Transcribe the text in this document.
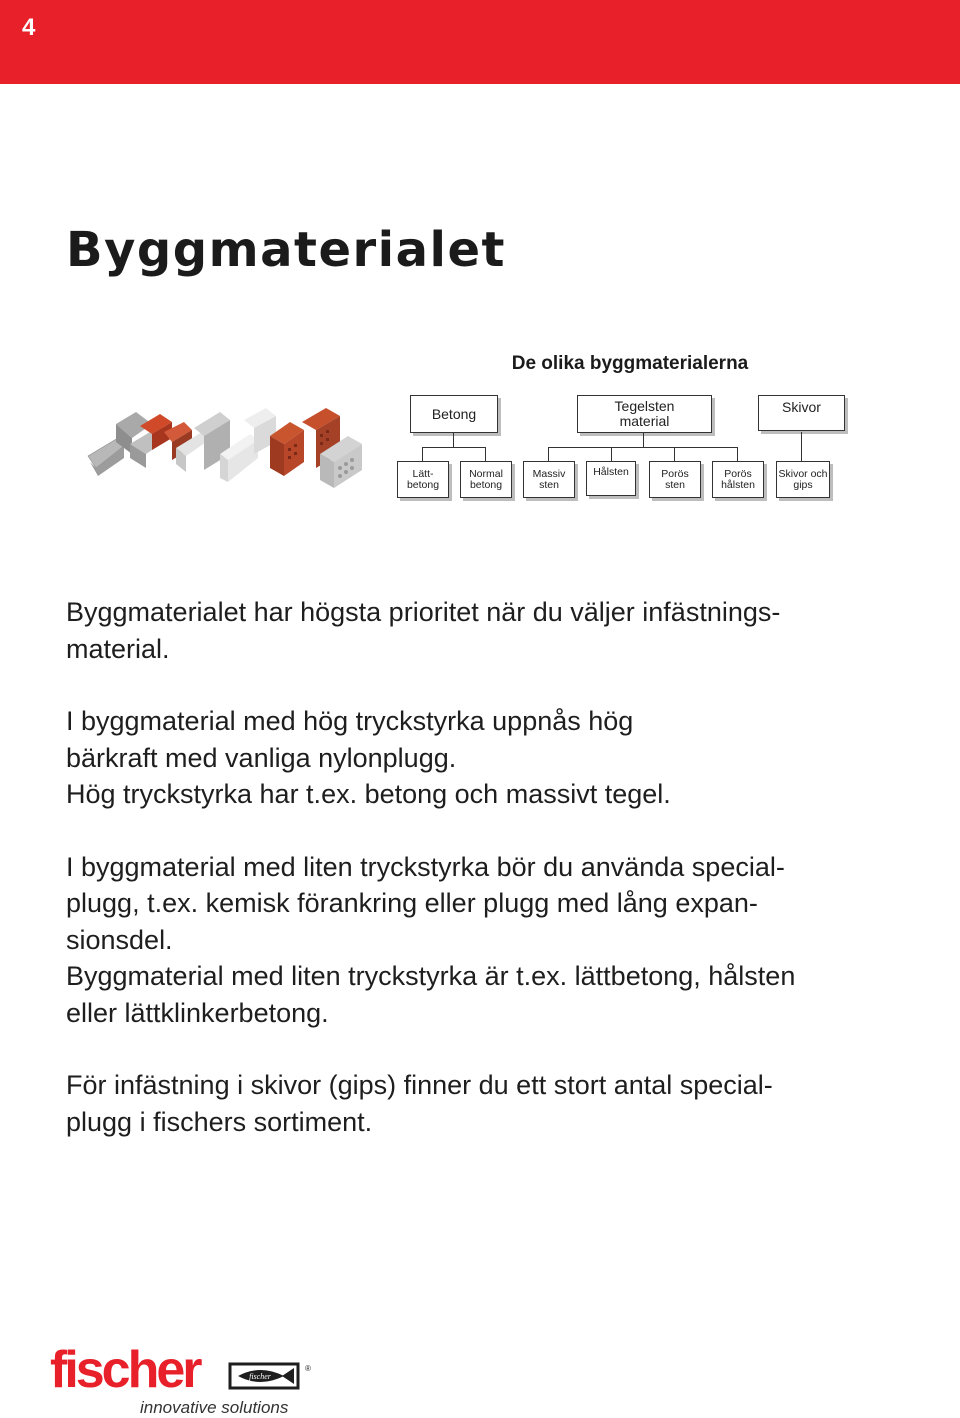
4
Byggmaterialet
De olika byggmaterialerna
Betong	Tegelsten
material
Skivor
Lätt-
betong
Normal
betong
Massiv
sten
Hålsten	Porös
sten
Porös
hålsten
Skivor och
gips

Byggmaterialet har högsta prioritet när du väljer infästnings-
material.

I byggmaterial med hög tryckstyrka uppnås hög
bärkraft med vanliga nylonplugg.
Hög tryckstyrka har t.ex. betong och massivt tegel.

I byggmaterial med liten tryckstyrka bör du använda special-
plugg, t.ex. kemisk förankring eller plugg med lång expan-
sionsdel.
Byggmaterial med liten tryckstyrka är t.ex. lättbetong, hålsten
eller lättklinkerbetong.

För infästning i skivor (gips) finner du ett stort antal special-
plugg i fischers sortiment.

fischer	fischer
®
innovative solutions
